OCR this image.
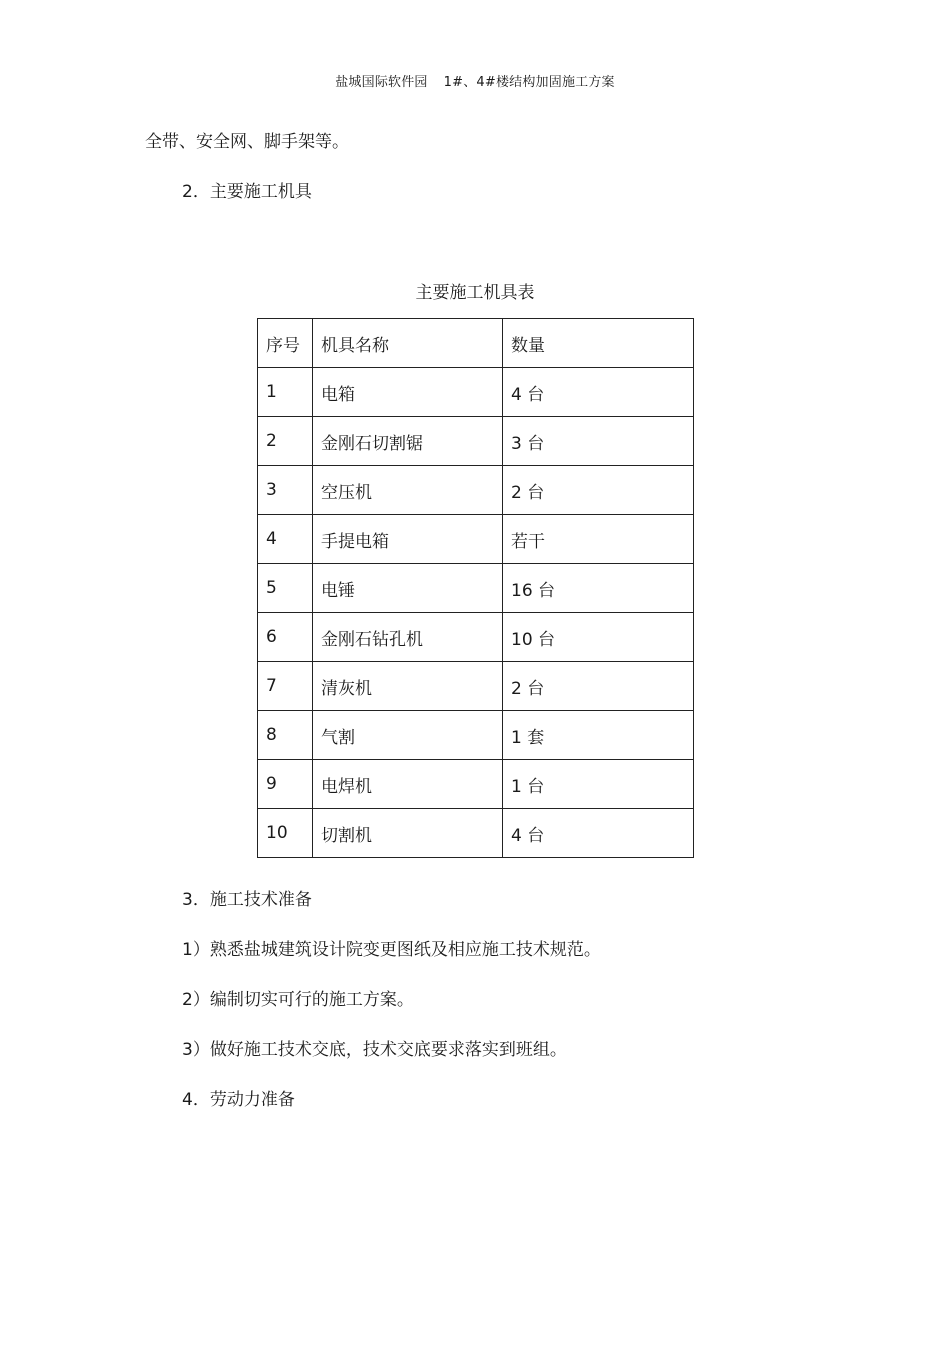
盐城国际软件园 1#、4#楼结构加固施工方案
全带、安全网、脚手架等。
2．主要施工机具
主要施工机具表
序号	机具名称	数量
1	电箱	4 台
2	金刚石切割锯	3 台
3	空压机	2 台
4	手提电箱	若干
5	电锤	16 台
6	金刚石钻孔机	10 台
7	清灰机	2 台
8	气割	1 套
9	电焊机	1 台
10	切割机	4 台
3．施工技术准备
1）熟悉盐城建筑设计院变更图纸及相应施工技术规范。
2）编制切实可行的施工方案。
3）做好施工技术交底，技术交底要求落实到班组。
4．劳动力准备
